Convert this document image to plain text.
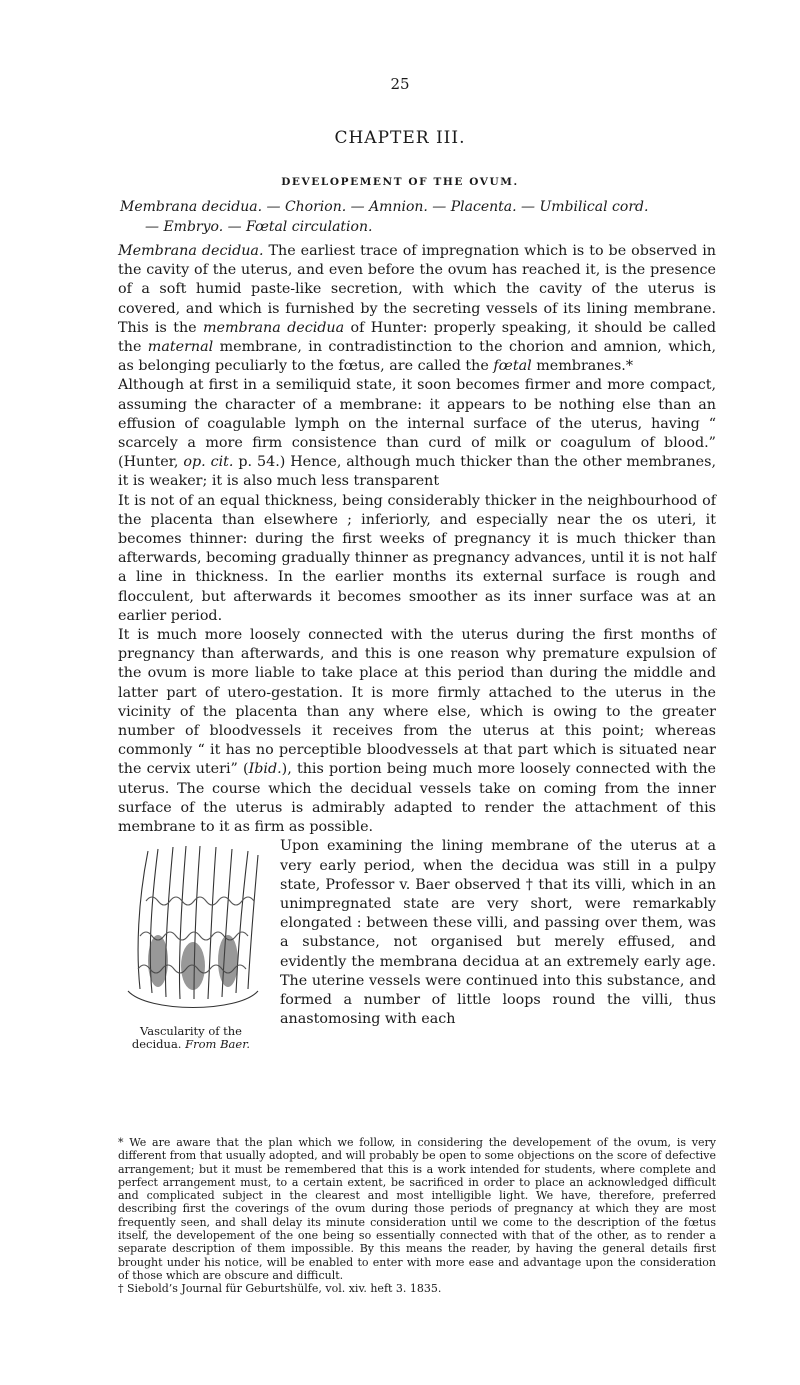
25
CHAPTER III.
DEVELOPEMENT OF THE OVUM.
Membrana decidua. — Chorion. — Amnion. — Placenta. — Umbilical cord.
— Embryo. — Fœtal circulation.

Membrana decidua. The earliest trace of impregnation which is to be observed in the cavity of the uterus, and even before the ovum has reached it, is the presence of a soft humid paste-like secretion, with which the cavity of the uterus is covered, and which is furnished by the secreting vessels of its lining membrane. This is the membrana decidua of Hunter: properly speaking, it should be called the maternal membrane, in contradistinction to the chorion and amnion, which, as belonging peculiarly to the fœtus, are called the fœtal membranes.*

Although at first in a semiliquid state, it soon becomes firmer and more compact, assuming the character of a membrane: it appears to be nothing else than an effusion of coagulable lymph on the internal surface of the uterus, having “ scarcely a more firm consistence than curd of milk or coagulum of blood.” (Hunter, op. cit. p. 54.) Hence, although much thicker than the other membranes, it is weaker; it is also much less transparent

It is not of an equal thickness, being considerably thicker in the neighbourhood of the placenta than elsewhere ; inferiorly, and especially near the os uteri, it becomes thinner: during the first weeks of pregnancy it is much thicker than afterwards, becoming gradually thinner as pregnancy advances, until it is not half a line in thickness. In the earlier months its external surface is rough and flocculent, but afterwards it becomes smoother as its inner surface was at an earlier period.

It is much more loosely connected with the uterus during the first months of pregnancy than afterwards, and this is one reason why premature expulsion of the ovum is more liable to take place at this period than during the middle and latter part of utero-gestation. It is more firmly attached to the uterus in the vicinity of the placenta than any where else, which is owing to the greater number of bloodvessels it receives from the uterus at this point; whereas commonly “ it has no perceptible bloodvessels at that part which is situated near the cervix uteri” (Ibid.), this portion being much more loosely connected with the uterus. The course which the decidual vessels take on coming from the inner surface of the uterus is admirably adapted to render the attachment of this membrane to it as firm as possible.

Vascularity of the decidua. From Baer.

Upon examining the lining membrane of the uterus at a very early period, when the decidua was still in a pulpy state, Professor v. Baer observed † that its villi, which in an unimpregnated state are very short, were remarkably elongated : between these villi, and passing over them, was a substance, not organised but merely effused, and evidently the membrana decidua at an extremely early age. The uterine vessels were continued into this substance, and formed a number of little loops round the villi, thus anastomosing with each

* We are aware that the plan which we follow, in considering the developement of the ovum, is very different from that usually adopted, and will probably be open to some objections on the score of defective arrangement; but it must be remembered that this is a work intended for students, where complete and perfect arrangement must, to a certain extent, be sacrificed in order to place an acknowledged difficult and complicated subject in the clearest and most intelligible light. We have, therefore, preferred describing first the coverings of the ovum during those periods of pregnancy at which they are most frequently seen, and shall delay its minute consideration until we come to the description of the fœtus itself, the developement of the one being so essentially connected with that of the other, as to render a separate description of them impossible. By this means the reader, by having the general details first brought under his notice, will be enabled to enter with more ease and advantage upon the consideration of those which are obscure and difficult.

† Siebold’s Journal für Geburtshülfe, vol. xiv. heft 3. 1835.
